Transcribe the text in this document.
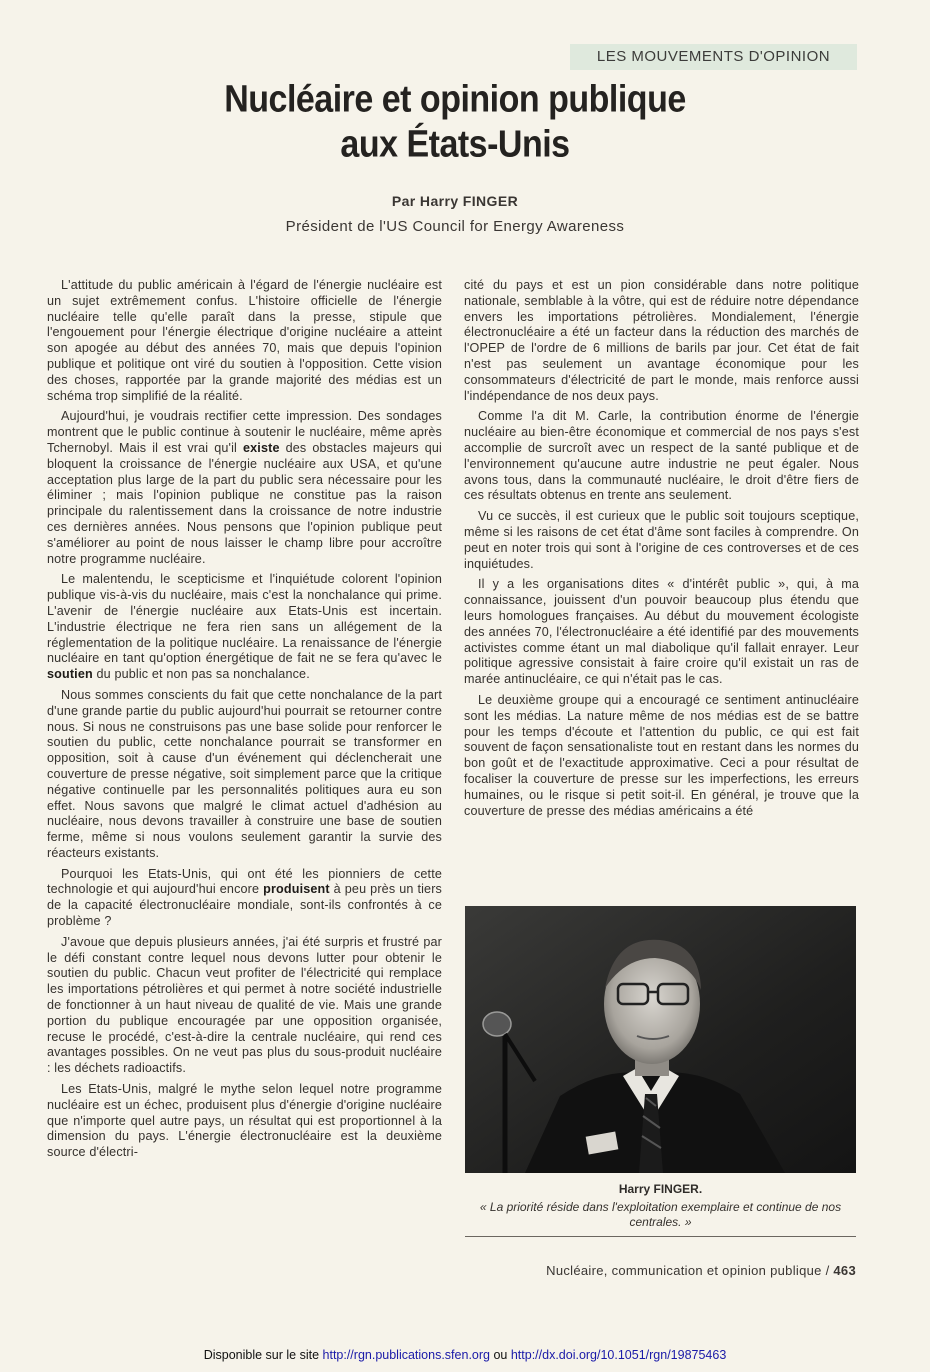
LES MOUVEMENTS D'OPINION
Nucléaire et opinion publique
aux États-Unis
Par Harry FINGER
Président de l'US Council for Energy Awareness

L'attitude du public américain à l'égard de l'énergie nucléaire est un sujet extrêmement confus. L'histoire officielle de l'énergie nucléaire telle qu'elle paraît dans la presse, stipule que l'engouement pour l'énergie électrique d'origine nucléaire a atteint son apogée au début des années 70, mais que depuis l'opinion publique et politique ont viré du soutien à l'opposition. Cette vision des choses, rapportée par la grande majorité des médias est un schéma trop simplifié de la réalité.

Aujourd'hui, je voudrais rectifier cette impression. Des sondages montrent que le public continue à soutenir le nucléaire, même après Tchernobyl. Mais il est vrai qu'il existe des obstacles majeurs qui bloquent la croissance de l'énergie nucléaire aux USA, et qu'une acceptation plus large de la part du public sera nécessaire pour les éliminer ; mais l'opinion publique ne constitue pas la raison principale du ralentissement dans la croissance de notre industrie ces dernières années. Nous pensons que l'opinion publique peut s'améliorer au point de nous laisser le champ libre pour accroître notre programme nucléaire.

Le malentendu, le scepticisme et l'inquiétude colorent l'opinion publique vis-à-vis du nucléaire, mais c'est la nonchalance qui prime. L'avenir de l'énergie nucléaire aux Etats-Unis est incertain. L'industrie électrique ne fera rien sans un allégement de la réglementation de la politique nucléaire. La renaissance de l'énergie nucléaire en tant qu'option énergétique de fait ne se fera qu'avec le soutien du public et non pas sa nonchalance.

Nous sommes conscients du fait que cette nonchalance de la part d'une grande partie du public aujourd'hui pourrait se retourner contre nous. Si nous ne construisons pas une base solide pour renforcer le soutien du public, cette nonchalance pourrait se transformer en opposition, soit à cause d'un événement qui déclencherait une couverture de presse négative, soit simplement parce que la critique négative continuelle par les personnalités politiques aura eu son effet. Nous savons que malgré le climat actuel d'adhésion au nucléaire, nous devons travailler à construire une base de soutien ferme, même si nous voulons seulement garantir la survie des réacteurs existants.

Pourquoi les Etats-Unis, qui ont été les pionniers de cette technologie et qui aujourd'hui encore produisent à peu près un tiers de la capacité électronucléaire mondiale, sont-ils confrontés à ce problème ?

J'avoue que depuis plusieurs années, j'ai été surpris et frustré par le défi constant contre lequel nous devons lutter pour obtenir le soutien du public. Chacun veut profiter de l'électricité qui remplace les importations pétrolières et qui permet à notre société industrielle de fonctionner à un haut niveau de qualité de vie. Mais une grande portion du publique encouragée par une opposition organisée, recuse le procédé, c'est-à-dire la centrale nucléaire, qui rend ces avantages possibles. On ne veut pas plus du sous-produit nucléaire : les déchets radioactifs.

Les Etats-Unis, malgré le mythe selon lequel notre programme nucléaire est un échec, produisent plus d'énergie d'origine nucléaire que n'importe quel autre pays, un résultat qui est proportionnel à la dimension du pays. L'énergie électronucléaire est la deuxième source d'électri-

cité du pays et est un pion considérable dans notre politique nationale, semblable à la vôtre, qui est de réduire notre dépendance envers les importations pétrolières. Mondialement, l'énergie électronucléaire a été un facteur dans la réduction des marchés de l'OPEP de l'ordre de 6 millions de barils par jour. Cet état de fait n'est pas seulement un avantage économique pour les consommateurs d'électricité de part le monde, mais renforce aussi l'indépendance de nos deux pays.

Comme l'a dit M. Carle, la contribution énorme de l'énergie nucléaire au bien-être économique et commercial de nos pays s'est accomplie de surcroît avec un respect de la santé publique et de l'environnement qu'aucune autre industrie ne peut égaler. Nous avons tous, dans la communauté nucléaire, le droit d'être fiers de ces résultats obtenus en trente ans seulement.

Vu ce succès, il est curieux que le public soit toujours sceptique, même si les raisons de cet état d'âme sont faciles à comprendre. On peut en noter trois qui sont à l'origine de ces controverses et de ces inquiétudes.

Il y a les organisations dites « d'intérêt public », qui, à ma connaissance, jouissent d'un pouvoir beaucoup plus étendu que leurs homologues françaises. Au début du mouvement écologiste des années 70, l'électronucléaire a été identifié par des mouvements activistes comme étant un mal diabolique qu'il fallait enrayer. Leur politique agressive consistait à faire croire qu'il existait un ras de marée antinucléaire, ce qui n'était pas le cas.

Le deuxième groupe qui a encouragé ce sentiment antinucléaire sont les médias. La nature même de nos médias est de se battre pour les temps d'écoute et l'attention du public, ce qui est fait souvent de façon sensationaliste tout en restant dans les normes du bon goût et de l'exactitude approximative. Ceci a pour résultat de focaliser la couverture de presse sur les imperfections, les erreurs humaines, ou le risque si petit soit-il. En général, je trouve que la couverture de presse des médias américains a été

Harry FINGER.
« La priorité réside dans l'exploitation exemplaire et continue de nos centrales. »
Nucléaire, communication et opinion publique / 463
Disponible sur le site http://rgn.publications.sfen.org ou http://dx.doi.org/10.1051/rgn/19875463
